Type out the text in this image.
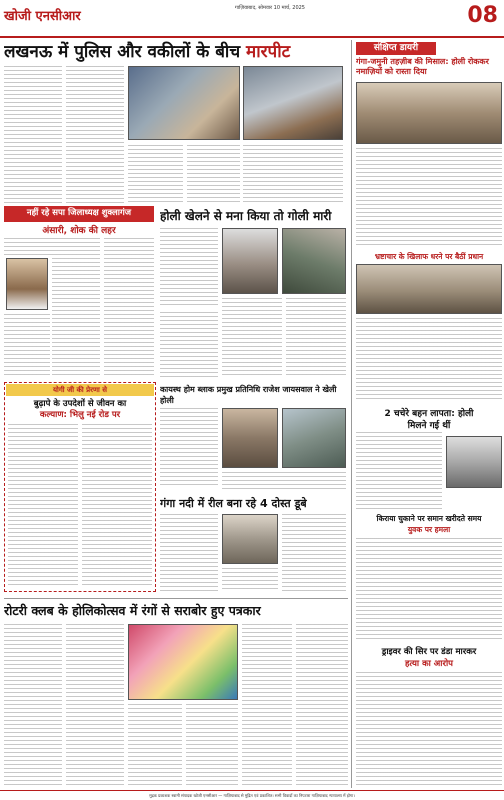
खोजी एनसीआर
गाज़ियाबाद, सोमवार 10 मार्च, 2025	08
लखनऊ में पुलिस और वकीलों के बीच मारपीट
नहीं रहे सपा जिलाध्यक्ष शुक्लागंज
अंसारी, शोक की लहर
होली खेलने से मना किया तो गोली मारी
योगी जी की प्रेरणा से
बुढ़ापे के उपदेशों से जीवन का
कल्याण: भिलु नई रोड पर
कायस्थ होम ब्लाक प्रमुख प्रतिनिधि राजेश जायसवाल ने खेली होली
गंगा नदी में रील बना रहे 4 दोस्त डूबे
रोटरी क्लब के होलिकोत्सव में रंगों से सराबोर हुए पत्रकार
संक्षिप्त डायरी
गंगा-जमुनी तहज़ीब की मिसाल: होली रोककर नमाज़ियों को रास्ता दिया
भ्रष्टाचार के खिलाफ धरने पर बैठीं प्रधान
2 चचेरे बहन लापता: होली
मिलने गई थीं
किराया चुकाने पर समान खरीदते समय
युवक पर हमला
ड्राइवर की सिर पर डंडा मारकर
हत्या का आरोप
मुद्रक प्रकाशक स्वामी संपादक खोजी एनसीआर — गाज़ियाबाद से मुद्रित एवं प्रकाशित। सभी विवादों का निपटारा गाज़ियाबाद न्यायालय में होगा।
